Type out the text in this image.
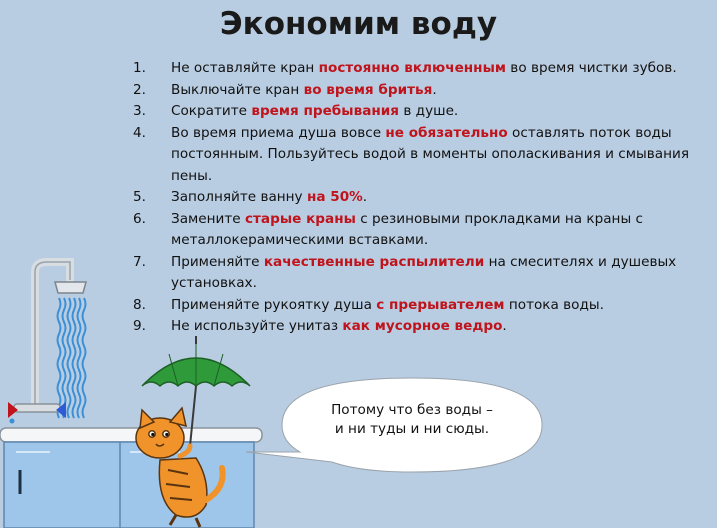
Экономим воду
1.	Не оставляйте кран постоянно включенным во время чистки зубов.
2.	Выключайте кран во время бритья.
3.	Сократите время пребывания в душе.
4.	Во время приема душа вовсе не обязательно оставлять поток воды постоянным. Пользуйтесь водой в моменты ополаскивания и смывания пены.
5.	Заполняйте ванну на 50%.
6.	Замените старые краны с резиновыми прокладками на краны с металлокерамическими вставками.
7.	Применяйте качественные распылители на смесителях и душевых установках.
8.	Применяйте рукоятку душа с прерывателем потока воды.
9.	Не используйте унитаз как мусорное ведро.
Потому что без воды –
и ни туды и ни сюды.
